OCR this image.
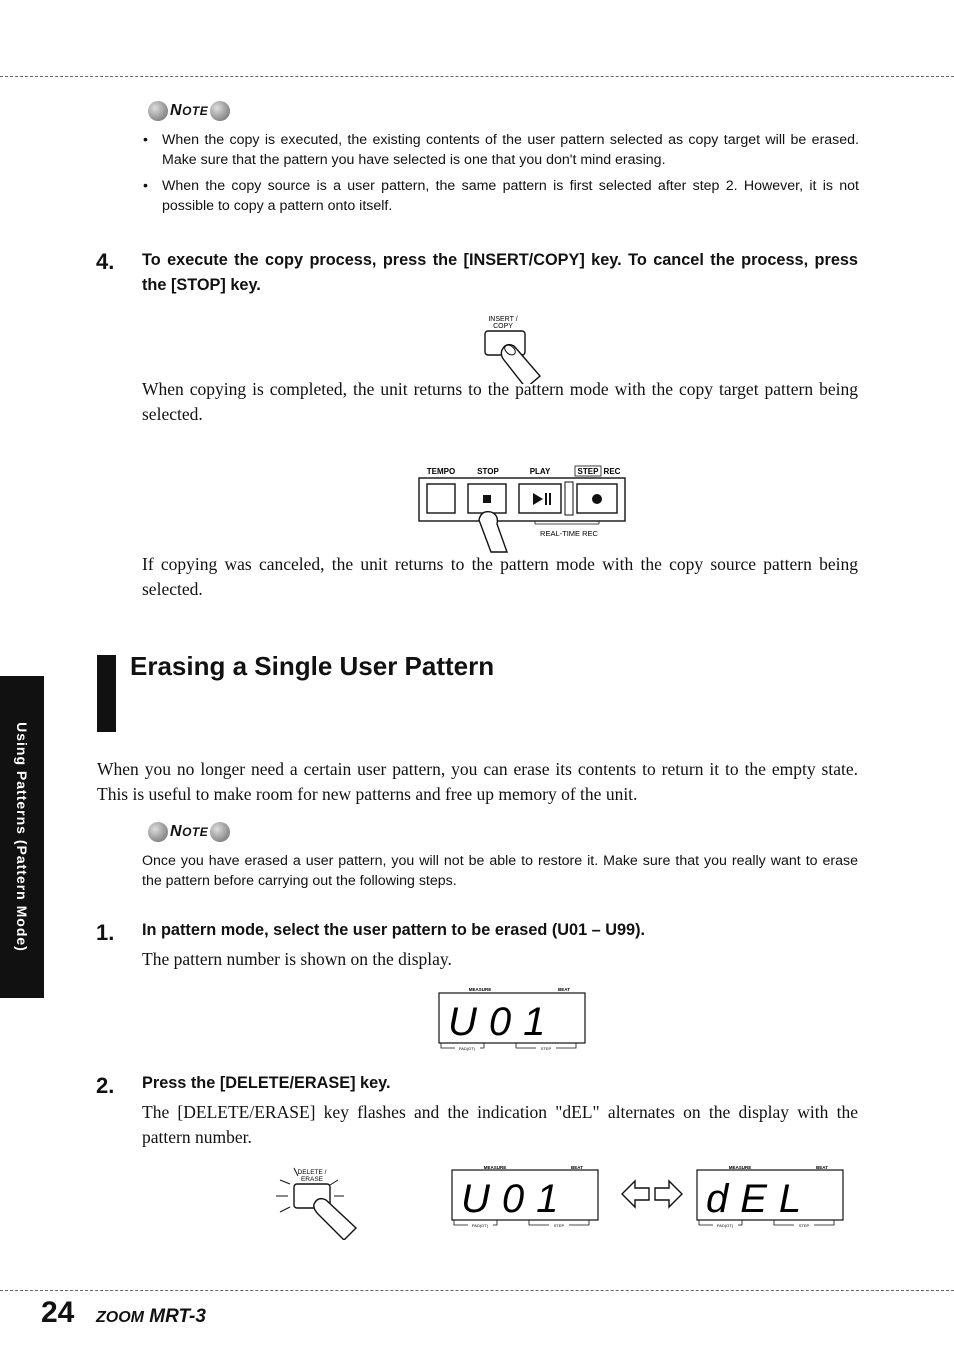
NOTE
• When the copy is executed, the existing contents of the user pattern selected as copy target will be erased. Make sure that the pattern you have selected is one that you don't mind erasing.
• When the copy source is a user pattern, the same pattern is first selected after step 2. However, it is not possible to copy a pattern onto itself.
4. To execute the copy process, press the [INSERT/COPY] key. To cancel the process, press the [STOP] key.
INSERT /
COPY
When copying is completed, the unit returns to the pattern mode with the copy target pattern being selected.
TEMPO	STOP	PLAY	STEP REC
REAL-TIME REC
If copying was canceled, the unit returns to the pattern mode with the copy source pattern being selected.
Erasing a Single User Pattern
Using Patterns (Pattern Mode)	When you no longer need a certain user pattern, you can erase its contents to return it to the empty state. This is useful to make room for new patterns and free up memory of the unit.
NOTE
Once you have erased a user pattern, you will not be able to restore it. Make sure that you really want to erase the pattern before carrying out the following steps.
1. In pattern mode, select the user pattern to be erased (U01 – U99).
The pattern number is shown on the display.
MEASURE	BEAT
U01
PAD(OT)	STEP
2. Press the [DELETE/ERASE] key.
The [DELETE/ERASE] key flashes and the indication "dEL" alternates on the display with the pattern number.
DELETE /
ERASE
MEASURE	BEAT
U01
PAD(OT)	STEP
MEASURE	BEAT
dEL
PAD(OT)	STEP
24 ZOOM MRT-3
